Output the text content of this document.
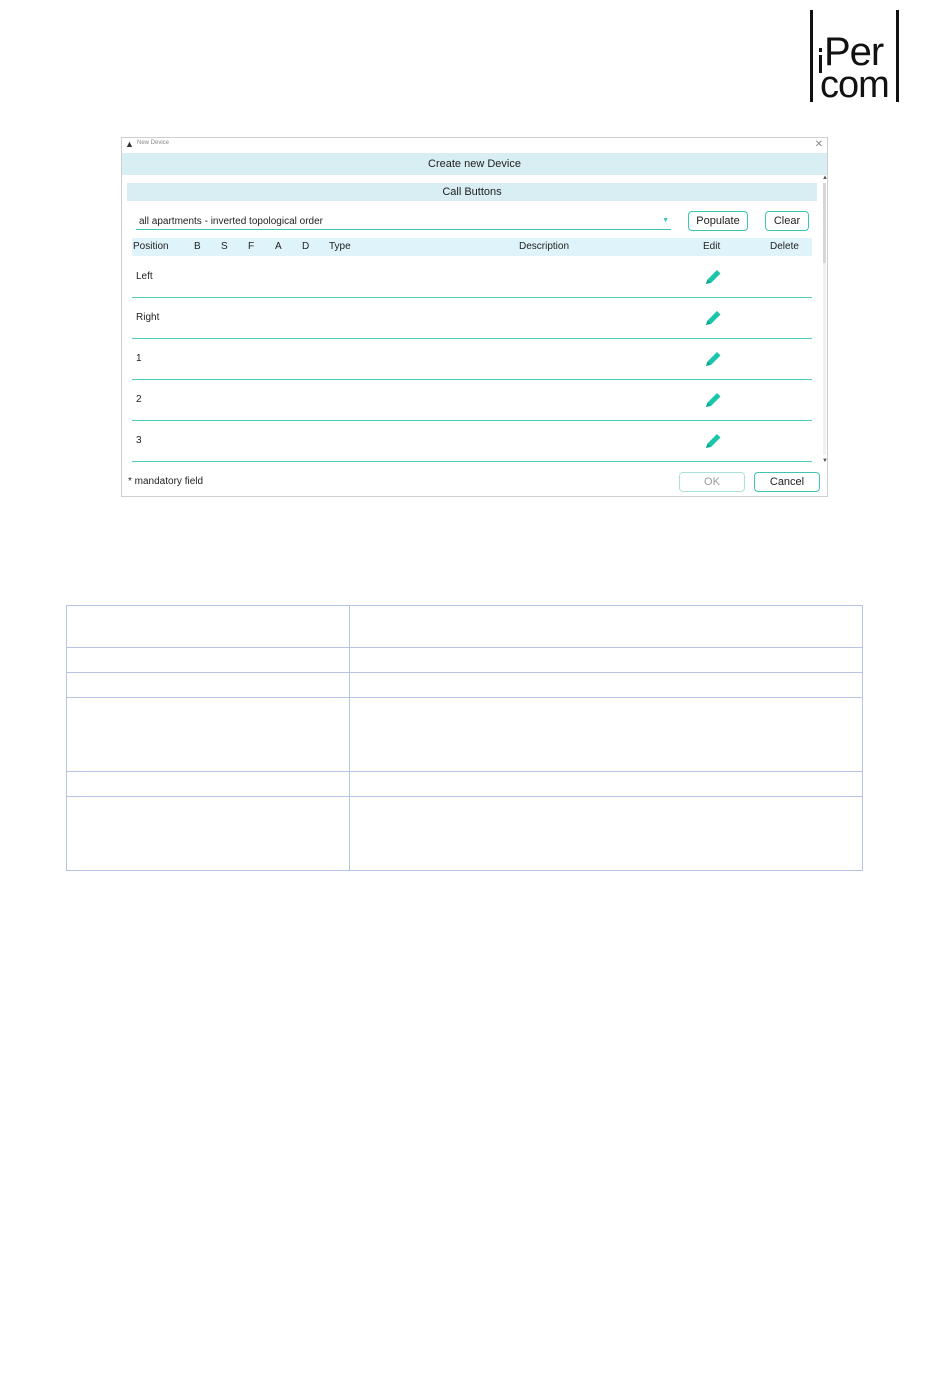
Per
com
▲ New Device	✕
Create new Device
Call Buttons
all apartments - inverted topological order	▼	Populate	Clear
Position	B S F A D Type	Description	Edit	Delete
Left
Right
1
2
3
▲
▼
* mandatory field	OK	Cancel
